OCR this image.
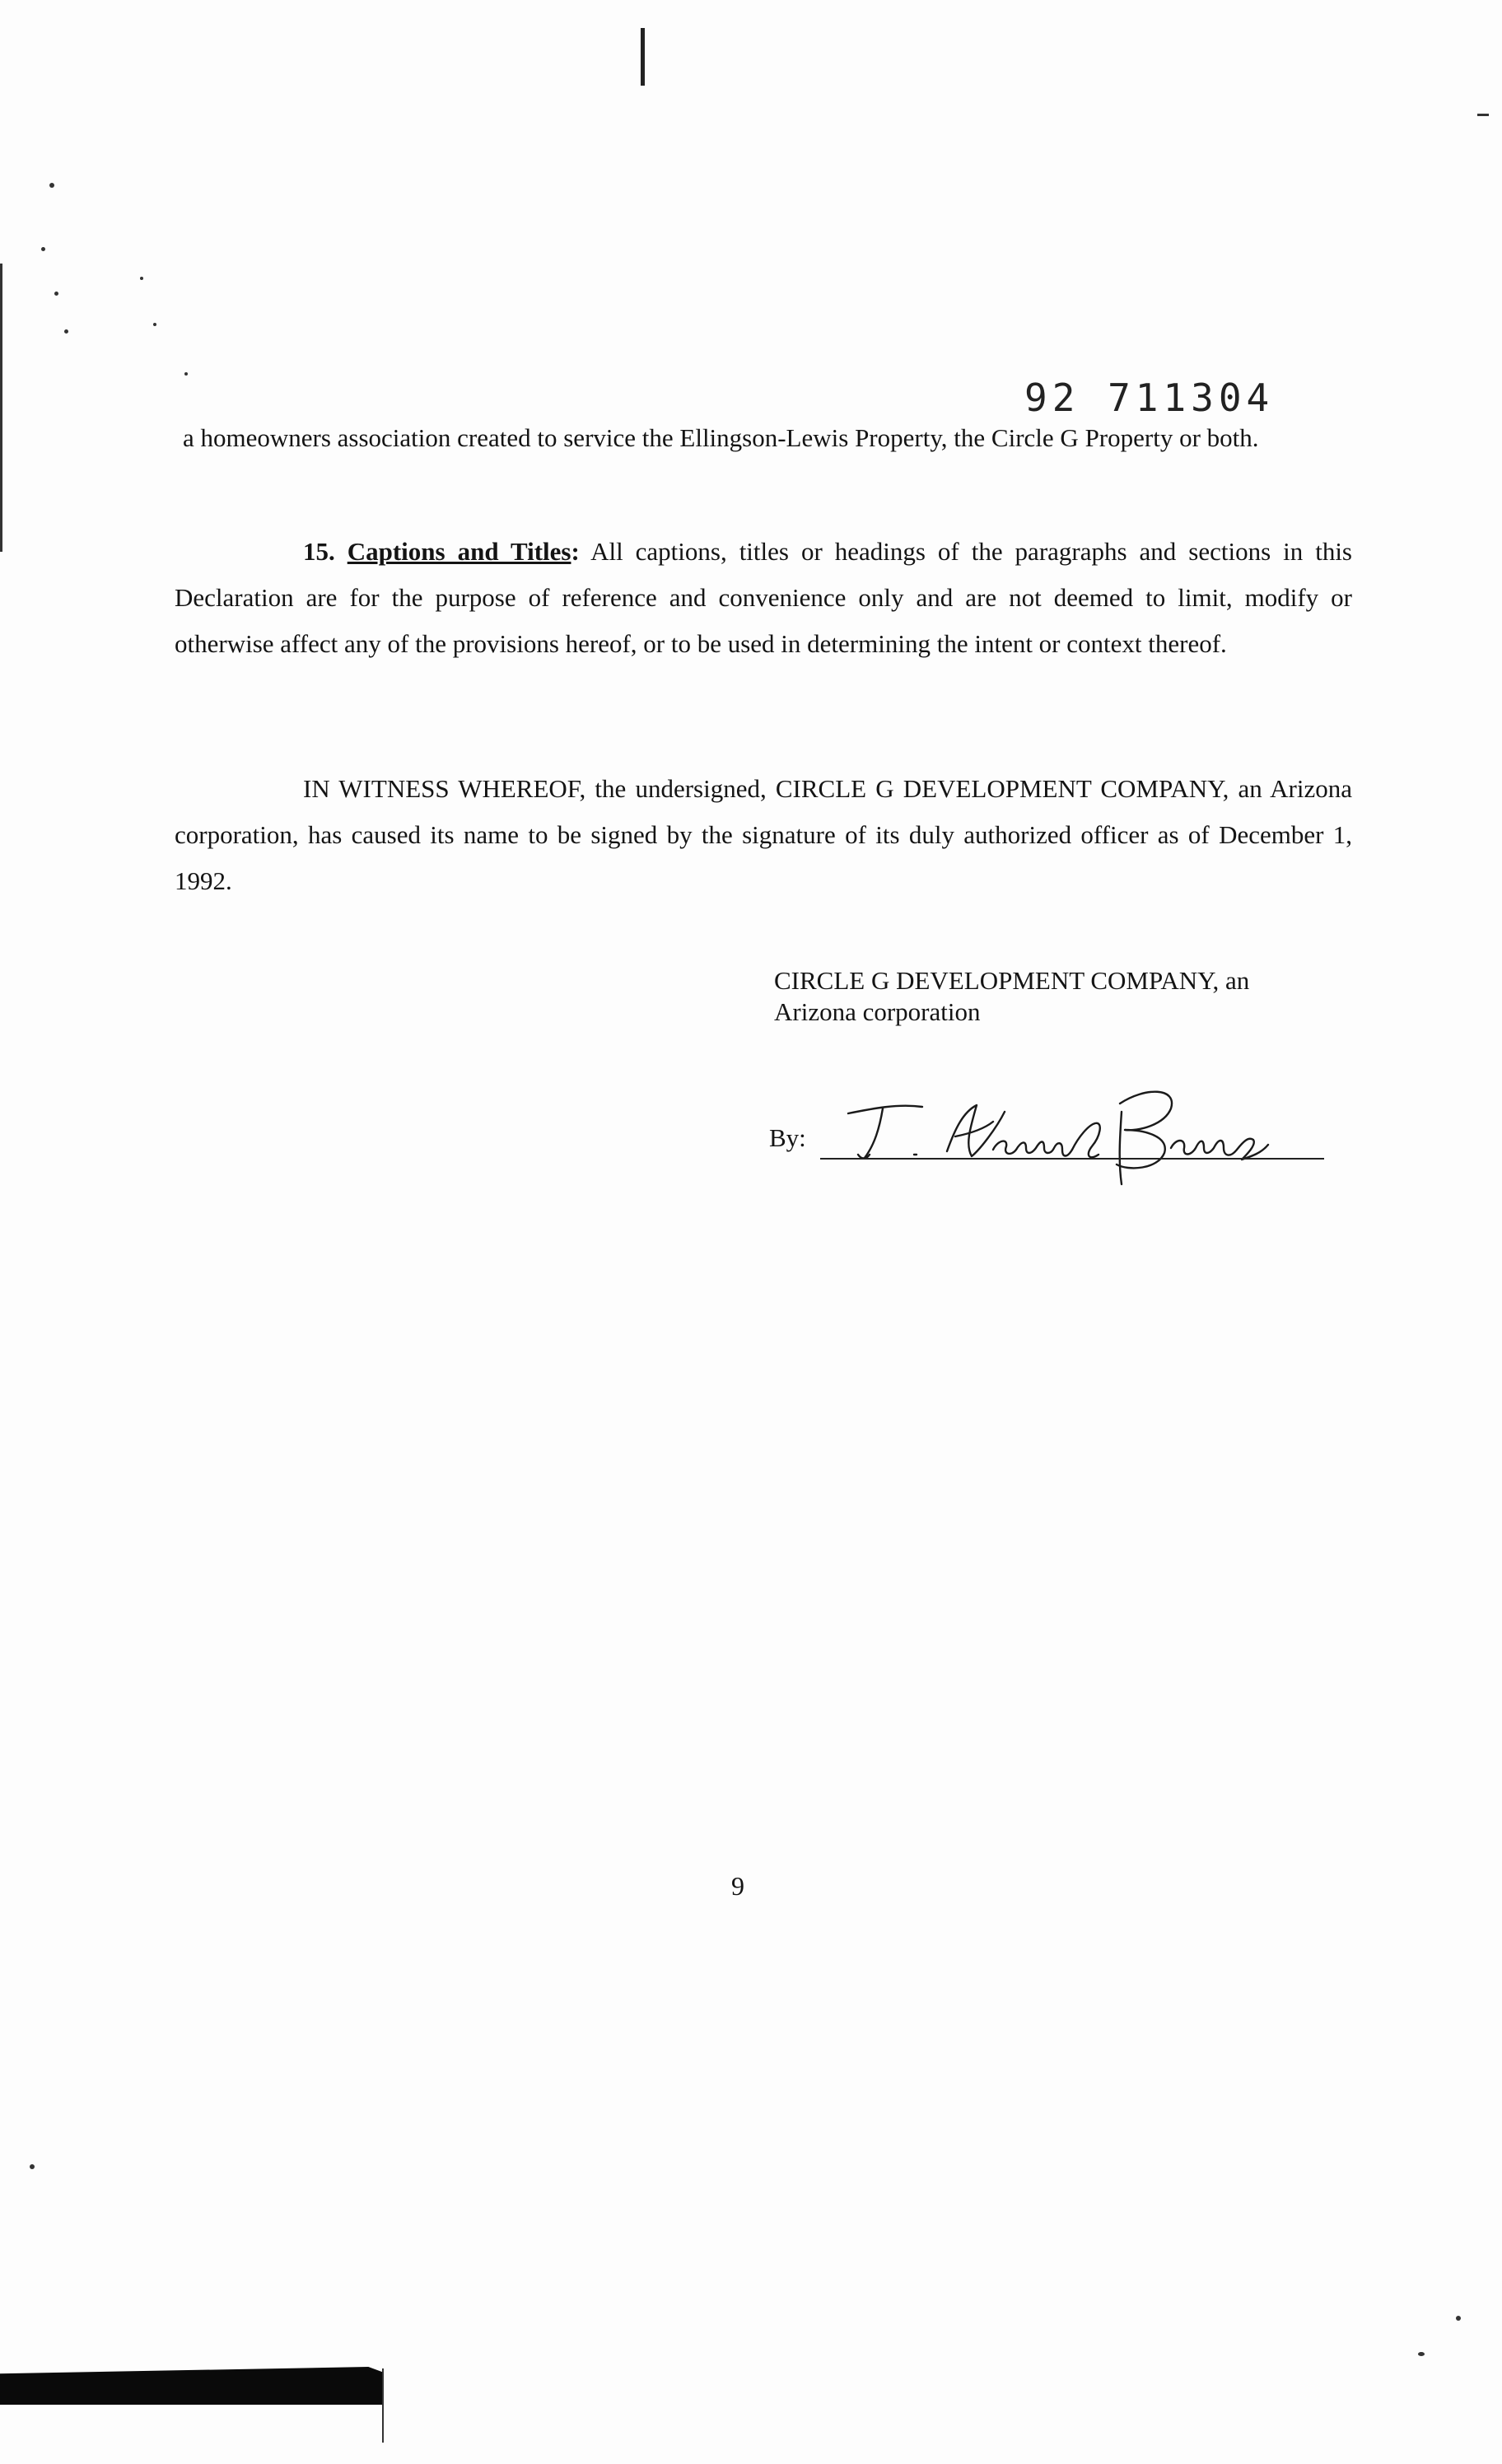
92 711304

a homeowners association created to service the Ellingson-Lewis Property, the Circle G Property or both.

15. Captions and Titles: All captions, titles or headings of the paragraphs and sections in this Declaration are for the purpose of reference and convenience only and are not deemed to limit, modify or otherwise affect any of the provisions hereof, or to be used in determining the intent or context thereof.

IN WITNESS WHEREOF, the undersigned, CIRCLE G DEVELOPMENT COMPANY, an Arizona corporation, has caused its name to be signed by the signature of its duly authorized officer as of December 1, 1992.

CIRCLE G DEVELOPMENT COMPANY, an
Arizona corporation
By:
9
